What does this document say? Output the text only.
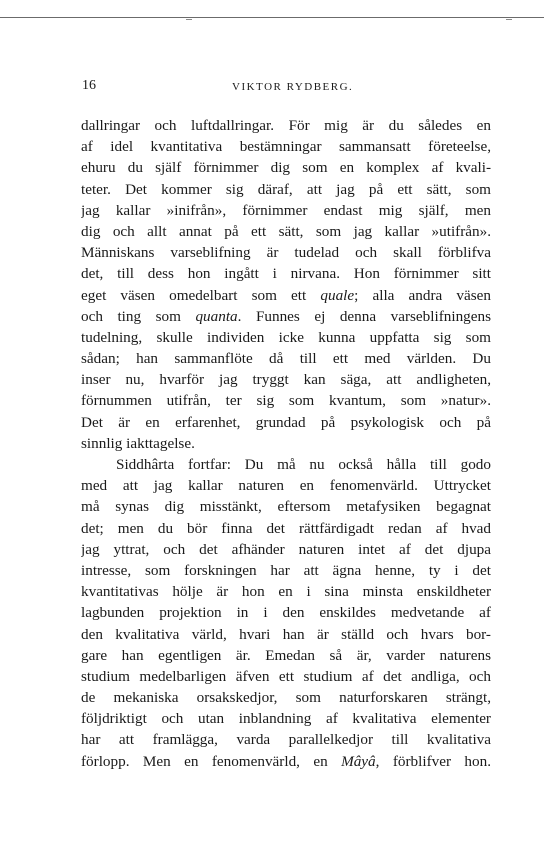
16	VIKTOR RYDBERG.
dallringar och luftdallringar. För mig är du således en
af idel kvantitativa bestämningar sammansatt företeelse,
ehuru du själf förnimmer dig som en komplex af kvali-
teter. Det kommer sig däraf, att jag på ett sätt, som
jag kallar »inifrån», förnimmer endast mig själf, men
dig och allt annat på ett sätt, som jag kallar »utifrån».
Människans varseblifning är tudelad och skall förblifva
det, till dess hon ingått i nirvana. Hon förnimmer sitt
eget väsen omedelbart som ett quale; alla andra väsen
och ting som quanta. Funnes ej denna varseblifningens
tudelning, skulle individen icke kunna uppfatta sig som
sådan; han sammanflöte då till ett med världen. Du
inser nu, hvarför jag tryggt kan säga, att andligheten,
förnummen utifrån, ter sig som kvantum, som »natur».
Det är en erfarenhet, grundad på psykologisk och på
sinnlig iakttagelse.
Siddhârta fortfar: Du må nu också hålla till godo
med att jag kallar naturen en fenomenvärld. Uttrycket
må synas dig misstänkt, eftersom metafysiken begagnat
det; men du bör finna det rättfärdigadt redan af hvad
jag yttrat, och det afhänder naturen intet af det djupa
intresse, som forskningen har att ägna henne, ty i det
kvantitativas hölje är hon en i sina minsta enskildheter
lagbunden projektion in i den enskildes medvetande af
den kvalitativa värld, hvari han är ställd och hvars bor-
gare han egentligen är. Emedan så är, varder naturens
studium medelbarligen äfven ett studium af det andliga, och
de mekaniska orsakskedjor, som naturforskaren strängt,
följdriktigt och utan inblandning af kvalitativa elementer
har att framlägga, varda parallelkedjor till kvalitativa
förlopp. Men en fenomenvärld, en Mâyâ, förblifver hon.
